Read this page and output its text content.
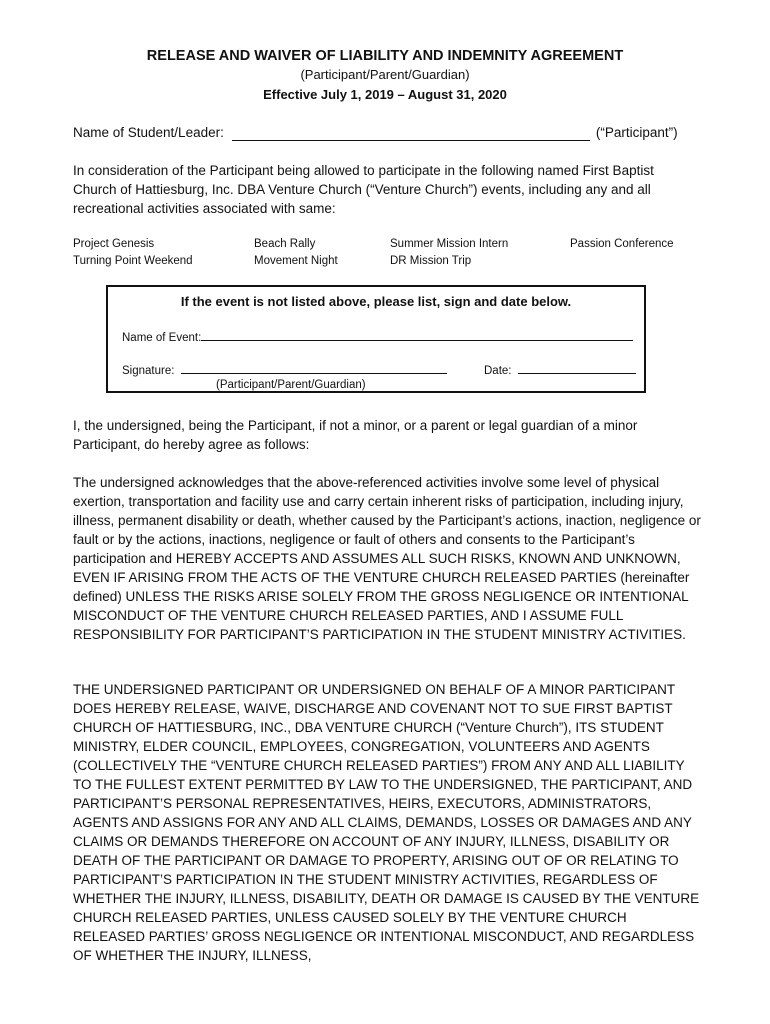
RELEASE AND WAIVER OF LIABILITY AND INDEMNITY AGREEMENT
(Participant/Parent/Guardian)
Effective July 1, 2019 – August 31, 2020
Name of Student/Leader:	(“Participant”)

In consideration of the Participant being allowed to participate in the following named First Baptist Church of Hattiesburg, Inc. DBA Venture Church (“Venture Church”) events, including any and all recreational activities associated with same:

Project Genesis
Turning Point Weekend
Beach Rally
Movement Night
Summer Mission Intern
DR Mission Trip
Passion Conference
If the event is not listed above, please list, sign and date below.
Name of Event:
Signature:	Date:
(Participant/Parent/Guardian)

I, the undersigned, being the Participant, if not a minor, or a parent or legal guardian of a minor Participant, do hereby agree as follows:

The undersigned acknowledges that the above-referenced activities involve some level of physical exertion, transportation and facility use and carry certain inherent risks of participation, including injury, illness, permanent disability or death, whether caused by the Participant’s actions, inaction, negligence or fault or by the actions, inactions, negligence or fault of others and consents to the Participant’s participation and HEREBY ACCEPTS AND ASSUMES ALL SUCH RISKS, KNOWN AND UNKNOWN, EVEN IF ARISING FROM THE ACTS OF THE VENTURE CHURCH RELEASED PARTIES (hereinafter defined) UNLESS THE RISKS ARISE SOLELY FROM THE GROSS NEGLIGENCE OR INTENTIONAL MISCONDUCT OF THE VENTURE CHURCH RELEASED PARTIES, AND I ASSUME FULL RESPONSIBILITY FOR PARTICIPANT’S PARTICIPATION IN THE STUDENT MINISTRY ACTIVITIES.

THE UNDERSIGNED PARTICIPANT OR UNDERSIGNED ON BEHALF OF A MINOR PARTICIPANT DOES HEREBY RELEASE, WAIVE, DISCHARGE AND COVENANT NOT TO SUE FIRST BAPTIST CHURCH OF HATTIESBURG, INC., DBA VENTURE CHURCH (“Venture Church”), ITS STUDENT MINISTRY, ELDER COUNCIL, EMPLOYEES, CONGREGATION, VOLUNTEERS AND AGENTS (COLLECTIVELY THE “VENTURE CHURCH RELEASED PARTIES”) FROM ANY AND ALL LIABILITY TO THE FULLEST EXTENT PERMITTED BY LAW TO THE UNDERSIGNED, THE PARTICIPANT, AND PARTICIPANT’S PERSONAL REPRESENTATIVES, HEIRS, EXECUTORS, ADMINISTRATORS, AGENTS AND ASSIGNS FOR ANY AND ALL CLAIMS, DEMANDS, LOSSES OR DAMAGES AND ANY CLAIMS OR DEMANDS THEREFORE ON ACCOUNT OF ANY INJURY, ILLNESS, DISABILITY OR DEATH OF THE PARTICIPANT OR DAMAGE TO PROPERTY, ARISING OUT OF OR RELATING TO PARTICIPANT’S PARTICIPATION IN THE STUDENT MINISTRY ACTIVITIES, REGARDLESS OF WHETHER THE INJURY, ILLNESS, DISABILITY, DEATH OR DAMAGE IS CAUSED BY THE VENTURE CHURCH RELEASED PARTIES, UNLESS CAUSED SOLELY BY THE VENTURE CHURCH RELEASED PARTIES’ GROSS NEGLIGENCE OR INTENTIONAL MISCONDUCT, AND REGARDLESS OF WHETHER THE INJURY, ILLNESS,
